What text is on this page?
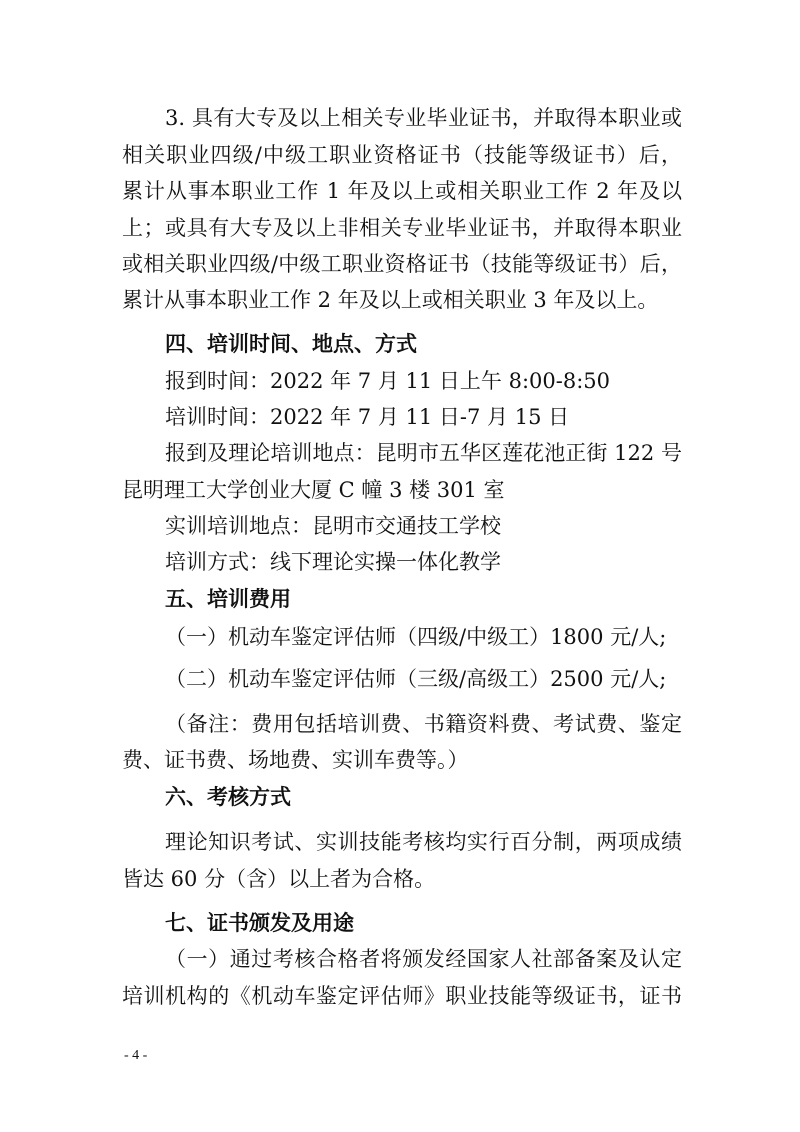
3. 具有大专及以上相关专业毕业证书，并取得本职业或
相关职业四级/中级工职业资格证书（技能等级证书）后，
累计从事本职业工作 1 年及以上或相关职业工作 2 年及以
上；或具有大专及以上非相关专业毕业证书，并取得本职业
或相关职业四级/中级工职业资格证书（技能等级证书）后，
累计从事本职业工作 2 年及以上或相关职业 3 年及以上。
四、培训时间、地点、方式
报到时间：2022 年 7 月 11 日上午 8:00-8:50
培训时间：2022 年 7 月 11 日-7 月 15 日
报到及理论培训地点：昆明市五华区莲花池正街 122 号
昆明理工大学创业大厦 C 幢 3 楼 301 室
实训培训地点：昆明市交通技工学校
培训方式：线下理论实操一体化教学
五、培训费用
（一）机动车鉴定评估师（四级/中级工）1800 元/人;
（二）机动车鉴定评估师（三级/高级工）2500 元/人;
（备注：费用包括培训费、书籍资料费、考试费、鉴定
费、证书费、场地费、实训车费等。）
六、考核方式
理论知识考试、实训技能考核均实行百分制，两项成绩
皆达 60 分（含）以上者为合格。
七、证书颁发及用途
（一）通过考核合格者将颁发经国家人社部备案及认定
培训机构的《机动车鉴定评估师》职业技能等级证书，证书
- 4 -
